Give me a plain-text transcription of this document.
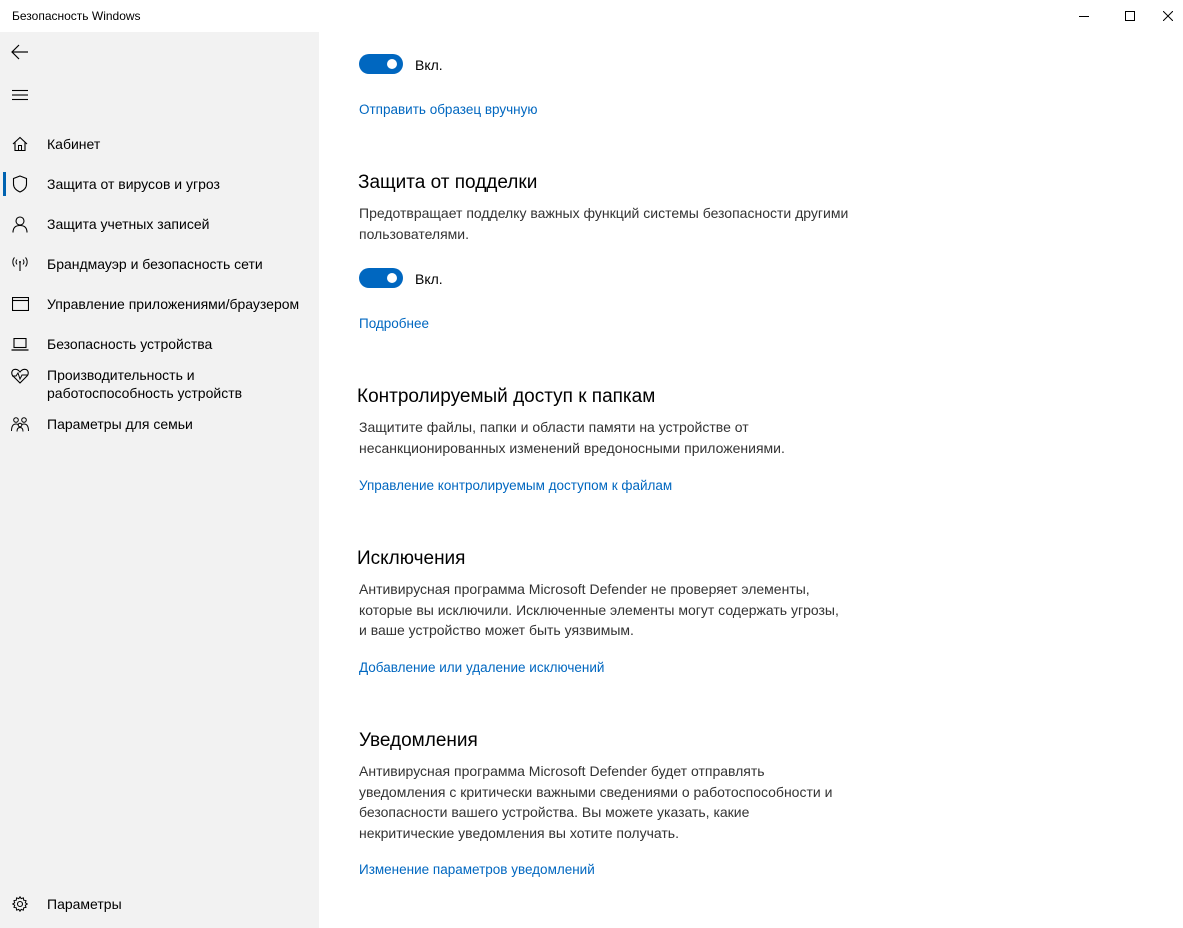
Безопасность Windows
Кабинет
Защита от вирусов и угроз
Защита учетных записей
Брандмауэр и безопасность сети
Управление приложениями/браузером
Безопасность устройства
Производительность и работоспособность устройств
Параметры для семьи
Параметры
Вкл.
Отправить образец вручную
Защита от подделки
Предотвращает подделку важных функций системы безопасности другими пользователями.
Вкл.
Подробнее
Контролируемый доступ к папкам
Защитите файлы, папки и области памяти на устройстве от несанкционированных изменений вредоносными приложениями.
Управление контролируемым доступом к файлам
Исключения
Антивирусная программа Microsoft Defender не проверяет элементы, которые вы исключили. Исключенные элементы могут содержать угрозы, и ваше устройство может быть уязвимым.
Добавление или удаление исключений
Уведомления
Антивирусная программа Microsoft Defender будет отправлять уведомления с критически важными сведениями о работоспособности и безопасности вашего устройства. Вы можете указать, какие некритические уведомления вы хотите получать.
Изменение параметров уведомлений
